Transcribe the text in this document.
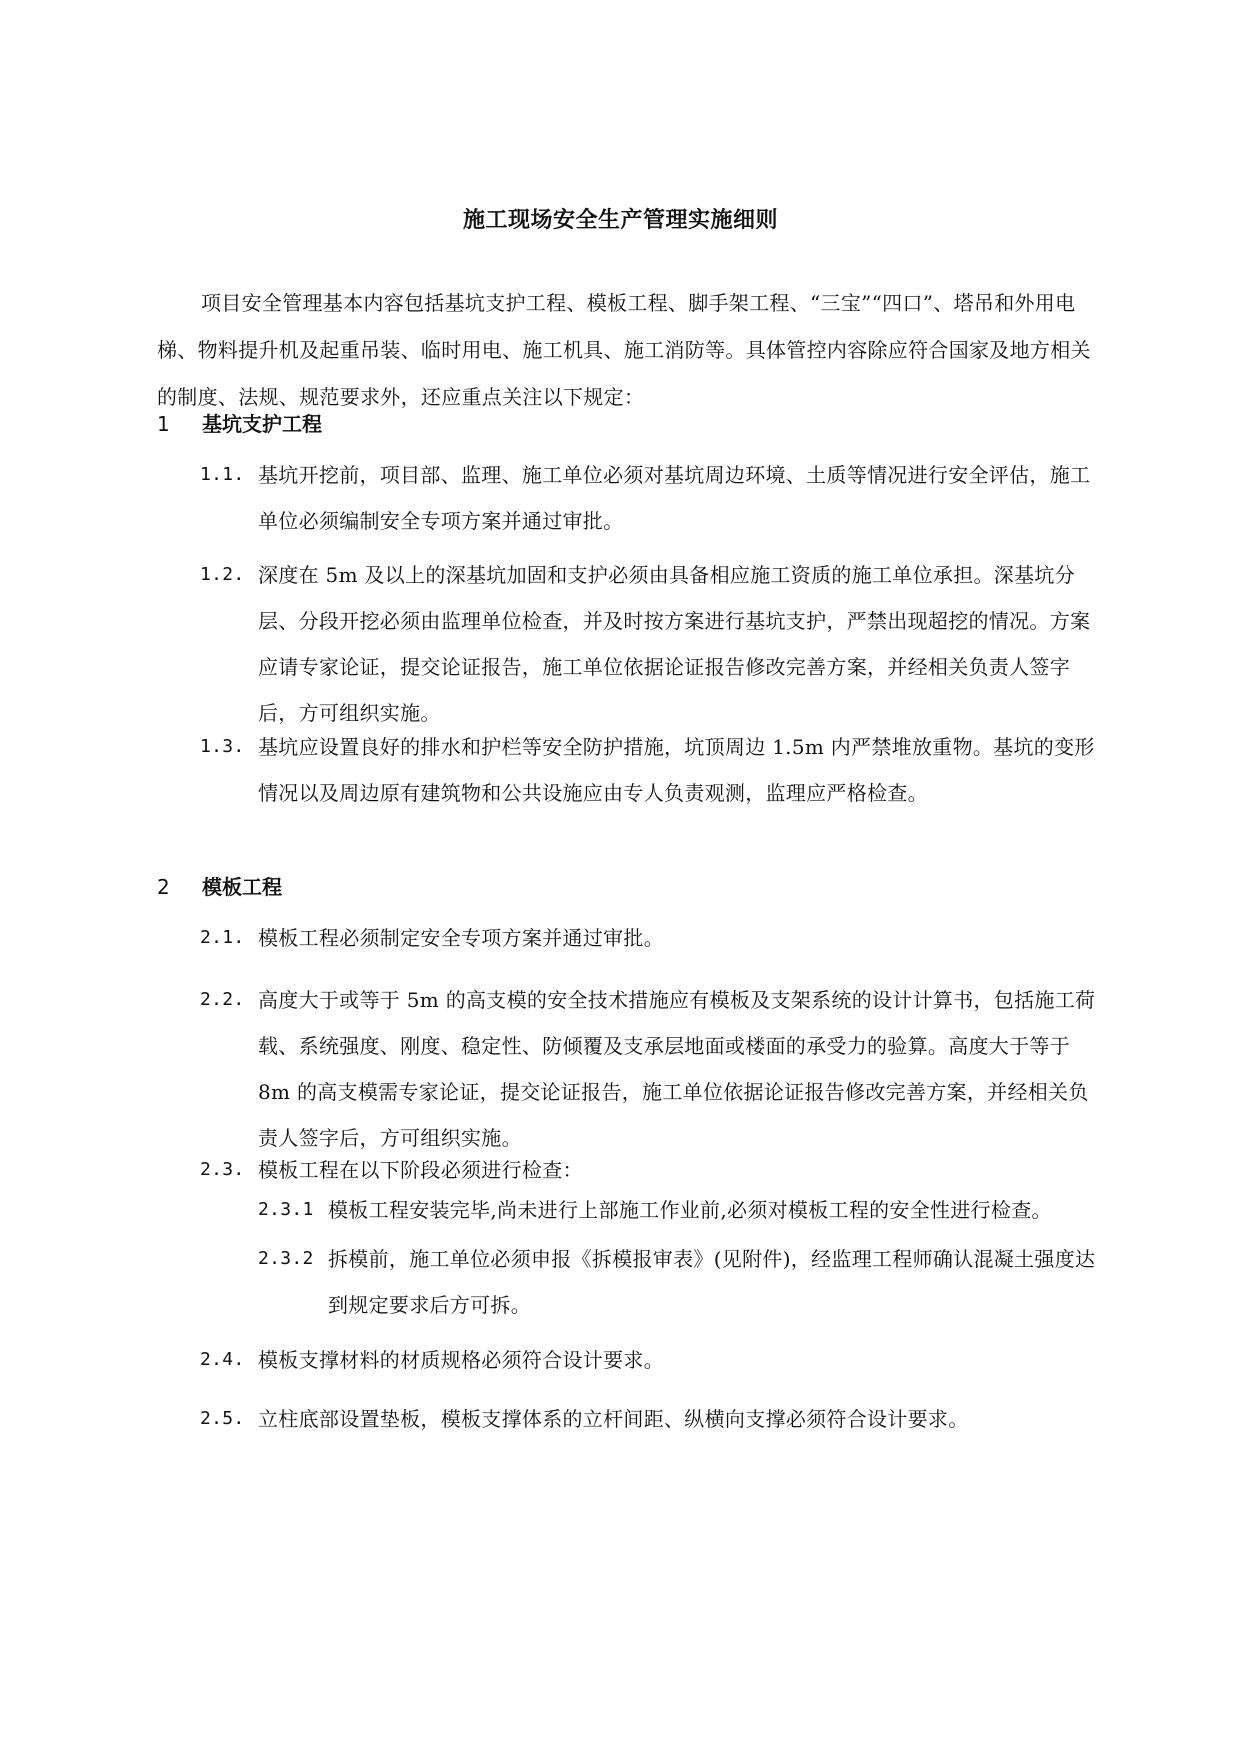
施工现场安全生产管理实施细则
项目安全管理基本内容包括基坑支护工程、模板工程、脚手架工程、“三宝”“四口”、塔吊和外用电梯、物料提升机及起重吊装、临时用电、施工机具、施工消防等。具体管控内容除应符合国家及地方相关的制度、法规、规范要求外，还应重点关注以下规定：
1 基坑支护工程
1.1. 基坑开挖前，项目部、监理、施工单位必须对基坑周边环境、土质等情况进行安全评估，施工单位必须编制安全专项方案并通过审批。
1.2. 深度在 5m 及以上的深基坑加固和支护必须由具备相应施工资质的施工单位承担。深基坑分层、分段开挖必须由监理单位检查，并及时按方案进行基坑支护，严禁出现超挖的情况。方案应请专家论证，提交论证报告，施工单位依据论证报告修改完善方案，并经相关负责人签字后，方可组织实施。
1.3. 基坑应设置良好的排水和护栏等安全防护措施，坑顶周边 1.5m 内严禁堆放重物。基坑的变形情况以及周边原有建筑物和公共设施应由专人负责观测，监理应严格检查。
2 模板工程
2.1. 模板工程必须制定安全专项方案并通过审批。
2.2. 高度大于或等于 5m 的高支模的安全技术措施应有模板及支架系统的设计计算书，包括施工荷载、系统强度、刚度、稳定性、防倾覆及支承层地面或楼面的承受力的验算。高度大于等于 8m 的高支模需专家论证，提交论证报告，施工单位依据论证报告修改完善方案，并经相关负责人签字后，方可组织实施。
2.3. 模板工程在以下阶段必须进行检查：
2.3.1 模板工程安装完毕,尚未进行上部施工作业前,必须对模板工程的安全性进行检查。
2.3.2 拆模前，施工单位必须申报《拆模报审表》(见附件)，经监理工程师确认混凝土强度达到规定要求后方可拆。
2.4. 模板支撑材料的材质规格必须符合设计要求。
2.5. 立柱底部设置垫板，模板支撑体系的立杆间距、纵横向支撑必须符合设计要求。
